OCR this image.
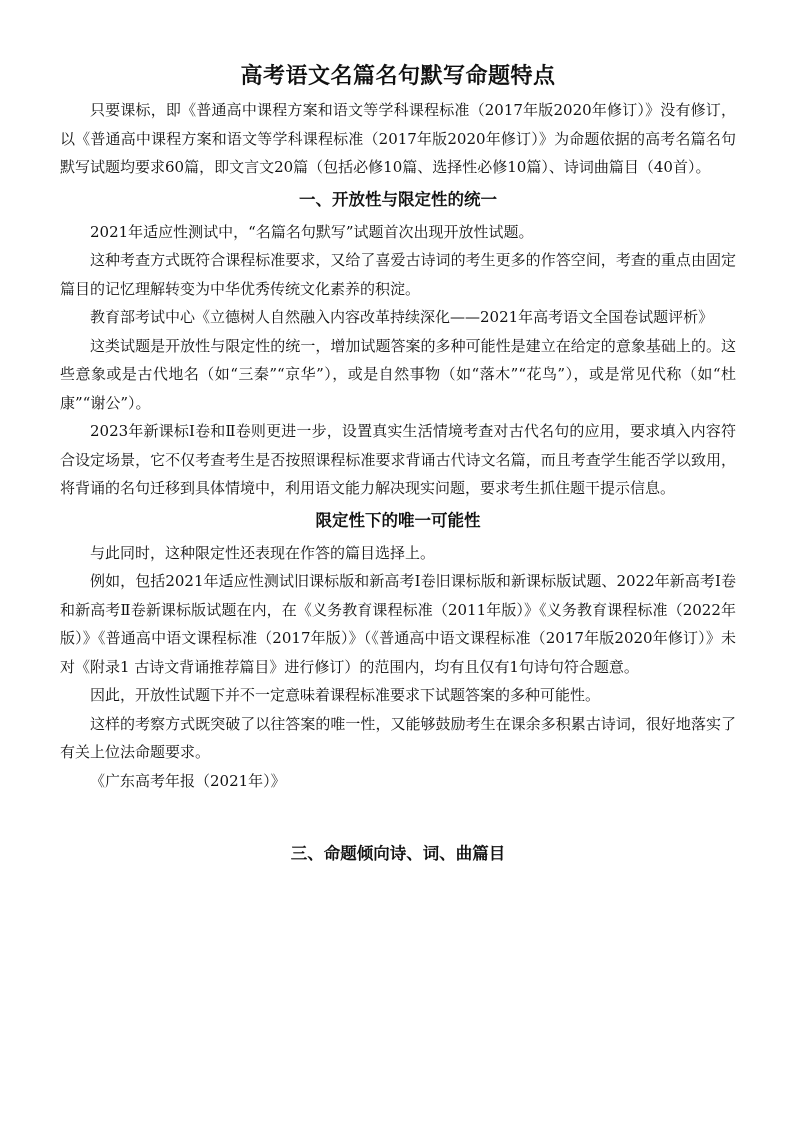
高考语文名篇名句默写命题特点

只要课标，即《普通高中课程方案和语文等学科课程标准（2017年版2020年修订）》没有修订，以《普通高中课程方案和语文等学科课程标准（2017年版2020年修订）》为命题依据的高考名篇名句默写试题均要求60篇，即文言文20篇（包括必修10篇、选择性必修10篇）、诗词曲篇目（40首）。

一、开放性与限定性的统一

2021年适应性测试中，“名篇名句默写”试题首次出现开放性试题。

这种考查方式既符合课程标准要求，又给了喜爱古诗词的考生更多的作答空间，考查的重点由固定篇目的记忆理解转变为中华优秀传统文化素养的积淀。

教育部考试中心《立德树人自然融入内容改革持续深化——2021年高考语文全国卷试题评析》

这类试题是开放性与限定性的统一，增加试题答案的多种可能性是建立在给定的意象基础上的。这些意象或是古代地名（如“三秦”“京华”），或是自然事物（如“落木”“花鸟”），或是常见代称（如“杜康”“谢公”）。

2023年新课标Ⅰ卷和Ⅱ卷则更进一步，设置真实生活情境考查对古代名句的应用，要求填入内容符合设定场景，它不仅考查考生是否按照课程标准要求背诵古代诗文名篇，而且考查学生能否学以致用，将背诵的名句迁移到具体情境中，利用语文能力解决现实问题，要求考生抓住题干提示信息。

限定性下的唯一可能性

与此同时，这种限定性还表现在作答的篇目选择上。

例如，包括2021年适应性测试旧课标版和新高考Ⅰ卷旧课标版和新课标版试题、2022年新高考Ⅰ卷和新高考Ⅱ卷新课标版试题在内，在《义务教育课程标准（2011年版）》《义务教育课程标准（2022年版）》《普通高中语文课程标准（2017年版）》（《普通高中语文课程标准（2017年版2020年修订）》未对《附录1 古诗文背诵推荐篇目》进行修订）的范围内，均有且仅有1句诗句符合题意。

因此，开放性试题下并不一定意味着课程标准要求下试题答案的多种可能性。

这样的考察方式既突破了以往答案的唯一性，又能够鼓励考生在课余多积累古诗词，很好地落实了有关上位法命题要求。

《广东高考年报（2021年）》

三、命题倾向诗、词、曲篇目
